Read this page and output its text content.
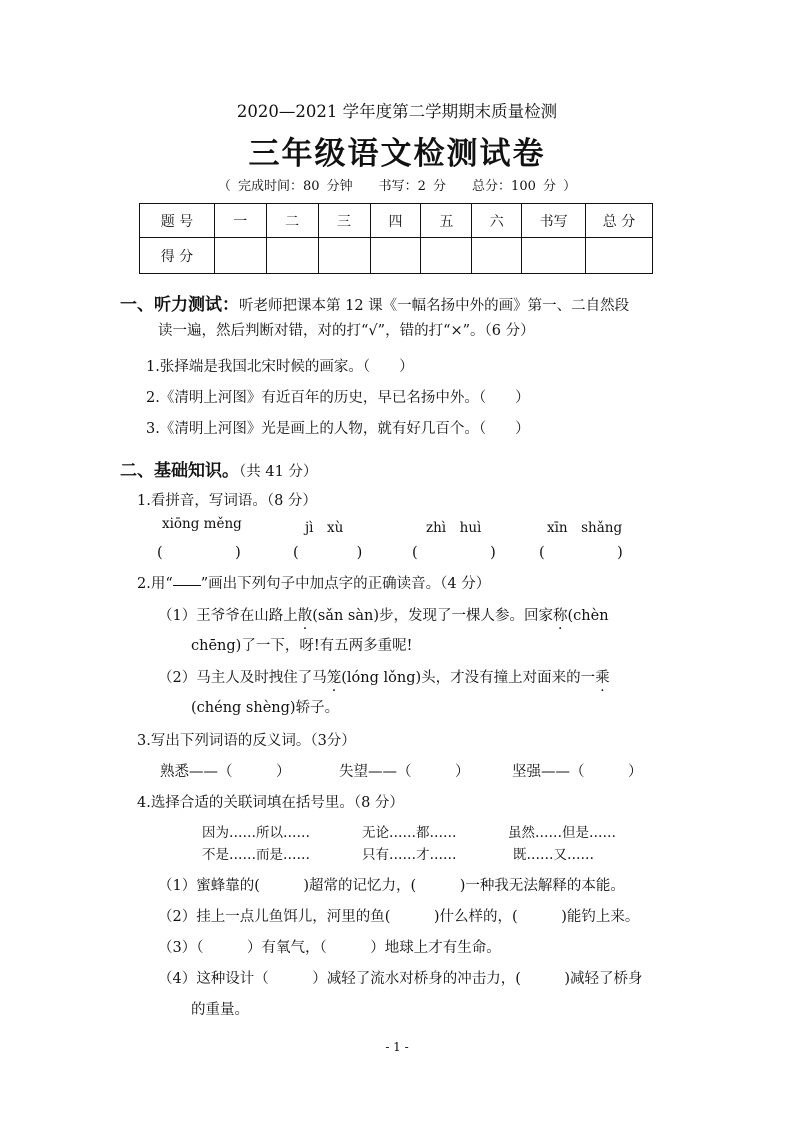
2020—2021 学年度第二学期期末质量检测
三年级语文检测试卷
（ 完成时间：80 分钟　　书写：2 分　　总分：100 分 ）
题 号	一	二	三	四	五	六	书写	总 分
得 分								
一、听力测试：听老师把课本第 12 课《一幅名扬中外的画》第一、二自然段
读一遍，然后判断对错，对的打“√”，错的打“×”。（6 分）
1.张择端是我国北宋时候的画家。（　　）
2.《清明上河图》有近百年的历史，早已名扬中外。（　　）
3.《清明上河图》光是画上的人物，就有好几百个。（　　）
二、基础知识。（共 41 分）
1.看拼音，写词语。（8 分）
xiōng měng	jì　xù	zhì　huì	xīn　shǎng
(　　　　　)	(　　　　)	(　　　　　)	(　　　　　)
2.用“ ”画出下列句子中加点字的正确读音。（4 分）
（1）王爷爷在山路上散(sǎn sàn)步，发现了一棵人参。回家称(chèn
chēng)了一下，呀!有五两多重呢!
（2）马主人及时拽住了马笼(lóng lǒng)头，才没有撞上对面来的一乘
(chéng shèng)轿子。
3.写出下列词语的反义词。（3分）
熟悉——（　　　）	失望——（　　　）	坚强——（　　　）
4.选择合适的关联词填在括号里。（8 分）
因为……所以……	无论……都……	虽然……但是……
不是……而是……	只有……才……	既……又……
（1）蜜蜂靠的(　　　)超常的记忆力，(　　　)一种我无法解释的本能。
（2）挂上一点儿鱼饵儿，河里的鱼(　　　)什么样的，(　　　)能钓上来。
（3）（　　　）有氧气，（　　　）地球上才有生命。
（4）这种设计（　　　）减轻了流水对桥身的冲击力，(　　　)减轻了桥身
的重量。
- 1 -
